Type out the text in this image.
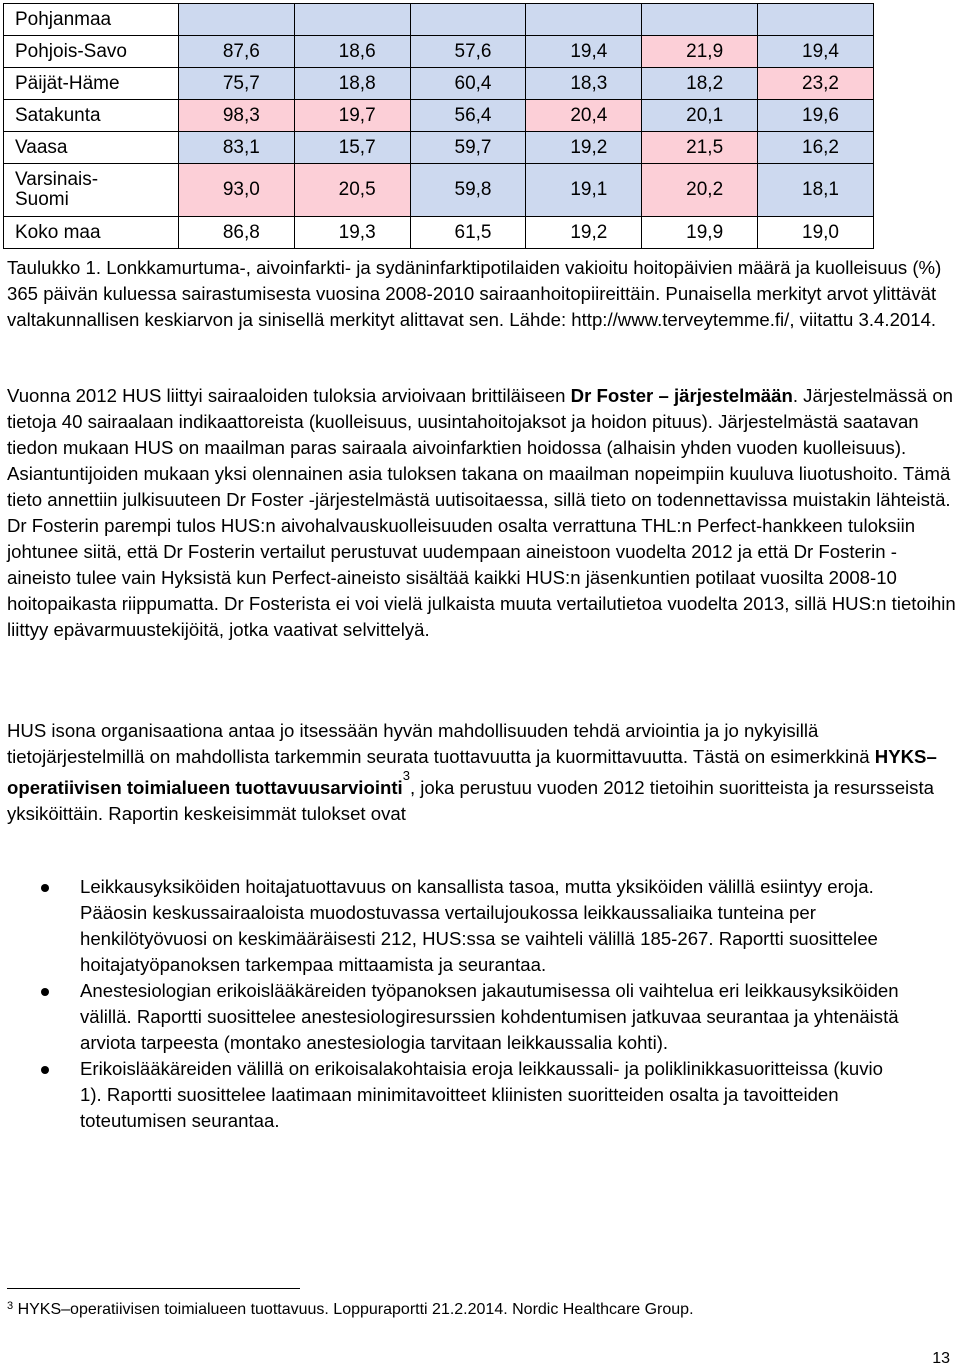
Pohjanmaa						
Pohjois-Savo	87,6	18,6	57,6	19,4	21,9	19,4
Päijät-Häme	75,7	18,8	60,4	18,3	18,2	23,2
Satakunta	98,3	19,7	56,4	20,4	20,1	19,6
Vaasa	83,1	15,7	59,7	19,2	21,5	16,2
Varsinais-
Suomi	93,0	20,5	59,8	19,1	20,2	18,1
Koko maa	86,8	19,3	61,5	19,2	19,9	19,0

Taulukko 1. Lonkkamurtuma-, aivoinfarkti- ja sydäninfarktipotilaiden vakioitu hoitopäivien määrä ja kuolleisuus (%) 365 päivän kuluessa sairastumisesta vuosina 2008-2010 sairaanhoitopiireittäin. Punaisella merkityt arvot ylittävät valtakunnallisen keskiarvon ja sinisellä merkityt alittavat sen. Lähde: http://www.terveytemme.fi/, viitattu 3.4.2014.

Vuonna 2012 HUS liittyi sairaaloiden tuloksia arvioivaan brittiläiseen Dr Foster – järjestelmään. Järjestelmässä on tietoja 40 sairaalaan indikaattoreista (kuolleisuus, uusintahoitojaksot ja hoidon pituus). Järjestelmästä saatavan tiedon mukaan HUS on maailman paras sairaala aivoinfarktien hoidossa (alhaisin yhden vuoden kuolleisuus). Asiantuntijoiden mukaan yksi olennainen asia tuloksen takana on maailman nopeimpiin kuuluva liuotushoito. Tämä tieto annettiin julkisuuteen Dr Foster -järjestelmästä uutisoitaessa, sillä tieto on todennettavissa muistakin lähteistä. Dr Fosterin parempi tulos HUS:n aivohalvauskuolleisuuden osalta verrattuna THL:n Perfect-hankkeen tuloksiin johtunee siitä, että Dr Fosterin vertailut perustuvat uudempaan aineistoon vuodelta 2012 ja että Dr Fosterin -aineisto tulee vain Hyksistä kun Perfect-aineisto sisältää kaikki HUS:n jäsenkuntien potilaat vuosilta 2008-10 hoitopaikasta riippumatta. Dr Fosterista ei voi vielä julkaista muuta vertailutietoa vuodelta 2013, sillä HUS:n tietoihin liittyy epävarmuustekijöitä, jotka vaativat selvittelyä.

HUS isona organisaationa antaa jo itsessään hyvän mahdollisuuden tehdä arviointia ja jo nykyisillä tietojärjestelmillä on mahdollista tarkemmin seurata tuottavuutta ja kuormittavuutta. Tästä on esimerkkinä HYKS–operatiivisen toimialueen tuottavuusarviointi$^3$, joka perustuu vuoden 2012 tietoihin suoritteista ja resursseista yksiköittäin. Raportin keskeisimmät tulokset ovat

Leikkausyksiköiden hoitajatuottavuus on kansallista tasoa, mutta yksiköiden välillä esiintyy eroja. Pääosin keskussairaaloista muodostuvassa vertailujoukossa leikkaussaliaika tunteina per henkilötyövuosi on keskimääräisesti 212, HUS:ssa se vaihteli välillä 185-267. Raportti suosittelee hoitajatyöpanoksen tarkempaa mittaamista ja seurantaa.
Anestesiologian erikoislääkäreiden työpanoksen jakautumisessa oli vaihtelua eri leikkausyksiköiden välillä. Raportti suosittelee anestesiologiresurssien kohdentumisen jatkuvaa seurantaa ja yhtenäistä arviota tarpeesta (montako anestesiologia tarvitaan leikkaussalia kohti).
Erikoislääkäreiden välillä on erikoisalakohtaisia eroja leikkaussali- ja poliklinikkasuoritteissa (kuvio 1). Raportti suosittelee laatimaan minimitavoitteet kliinisten suoritteiden osalta ja tavoitteiden toteutumisen seurantaa.
$^3$ HYKS–operatiivisen toimialueen tuottavuus. Loppuraportti 21.2.2014. Nordic Healthcare Group.
13
